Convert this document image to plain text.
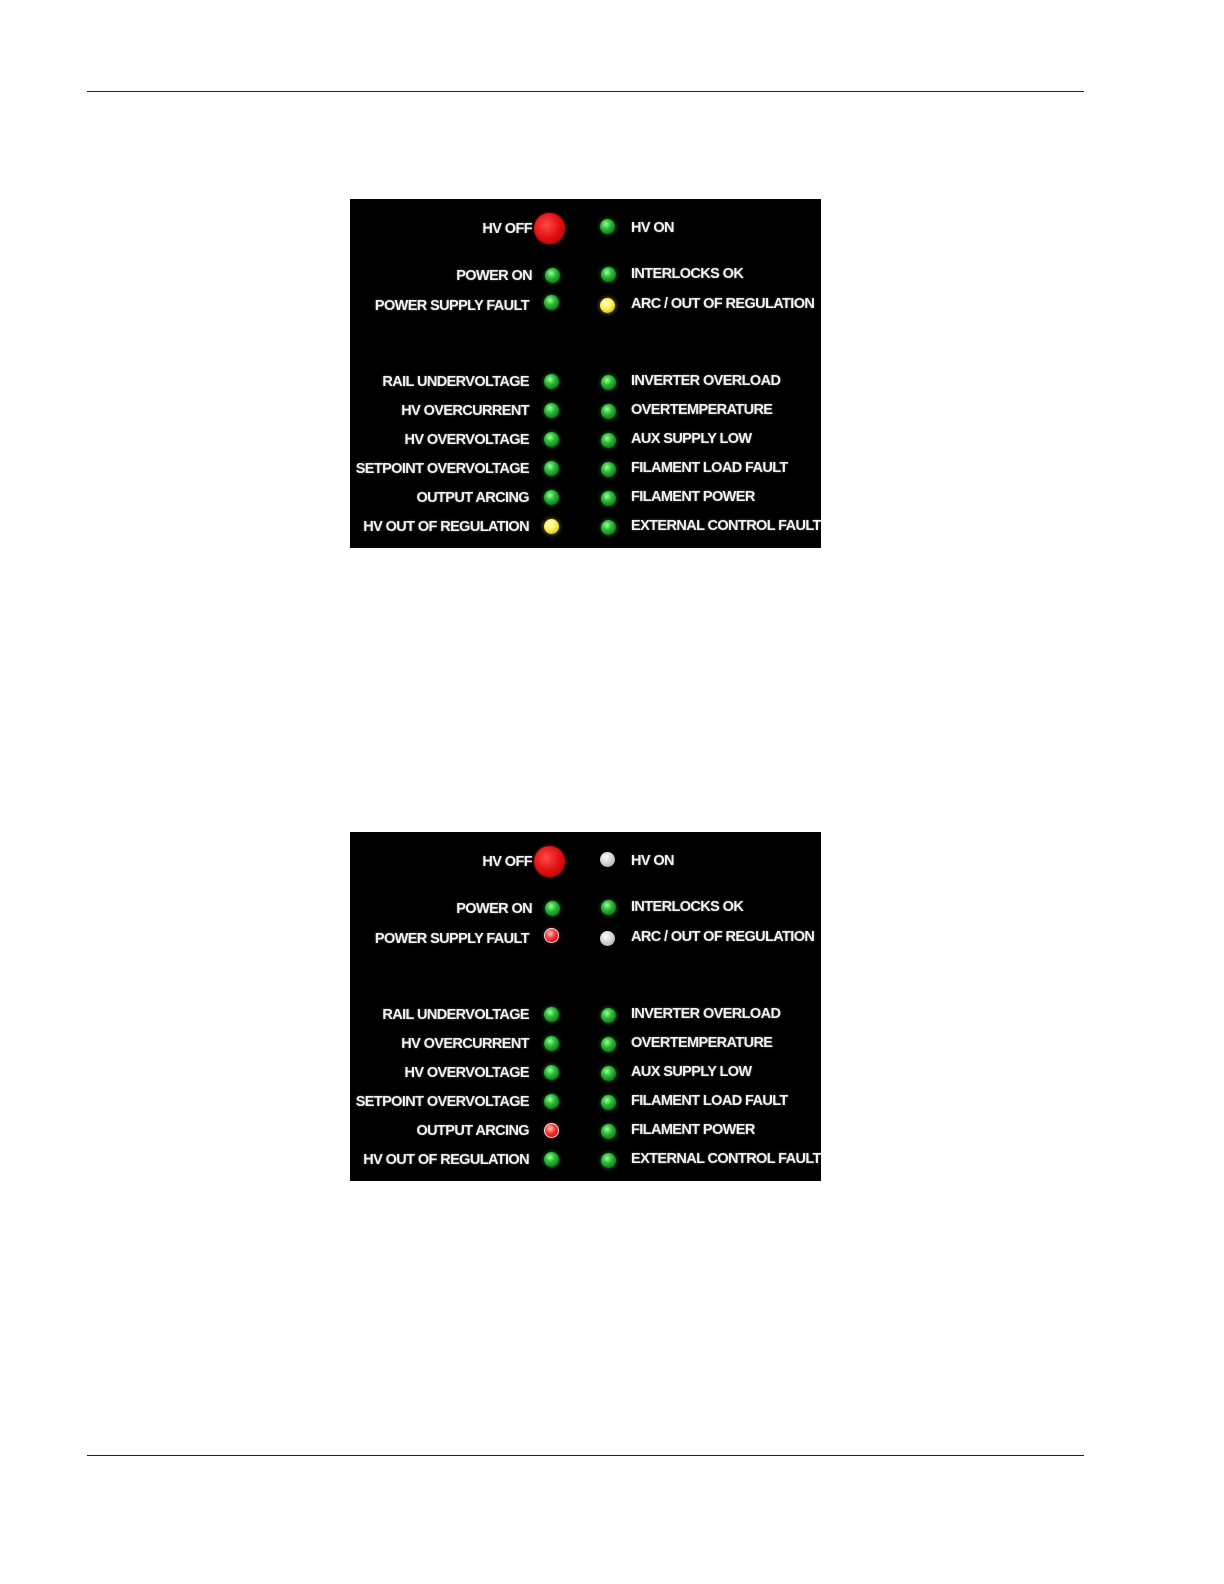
HV OFF	HV ON
POWER ON
POWER SUPPLY FAULT
INTERLOCKS OK
ARC / OUT OF REGULATION
RAIL UNDERVOLTAGE
HV OVERCURRENT
HV OVERVOLTAGE
SETPOINT OVERVOLTAGE
OUTPUT ARCING
HV OUT OF REGULATION
INVERTER OVERLOAD
OVERTEMPERATURE
AUX SUPPLY LOW
FILAMENT LOAD FAULT
FILAMENT POWER
EXTERNAL CONTROL FAULT
HV OFF	HV ON
POWER ON
POWER SUPPLY FAULT
INTERLOCKS OK
ARC / OUT OF REGULATION
RAIL UNDERVOLTAGE
HV OVERCURRENT
HV OVERVOLTAGE
SETPOINT OVERVOLTAGE
OUTPUT ARCING
HV OUT OF REGULATION
INVERTER OVERLOAD
OVERTEMPERATURE
AUX SUPPLY LOW
FILAMENT LOAD FAULT
FILAMENT POWER
EXTERNAL CONTROL FAULT
